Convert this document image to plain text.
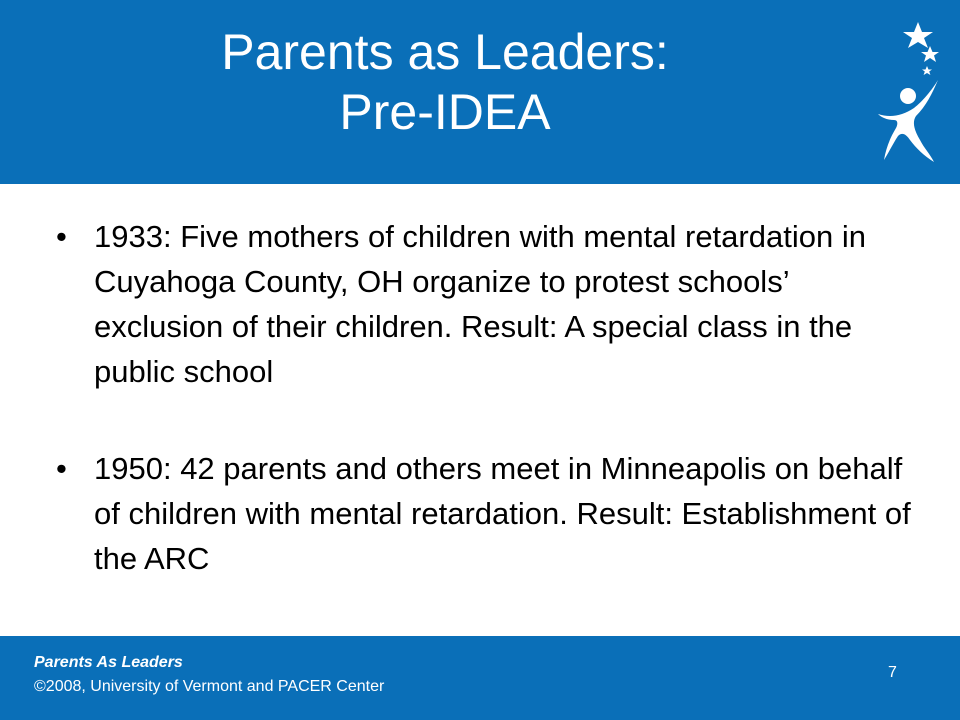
Parents as Leaders:
Pre-IDEA

• 1933: Five mothers of children with mental retardation in Cuyahoga County, OH organize to protest schools’ exclusion of their children. Result: A special class in the public school

• 1950: 42 parents and others meet in Minneapolis on behalf of children with mental retardation. Result: Establishment of the ARC

Parents As Leaders
©2008, University of Vermont and PACER Center
7
